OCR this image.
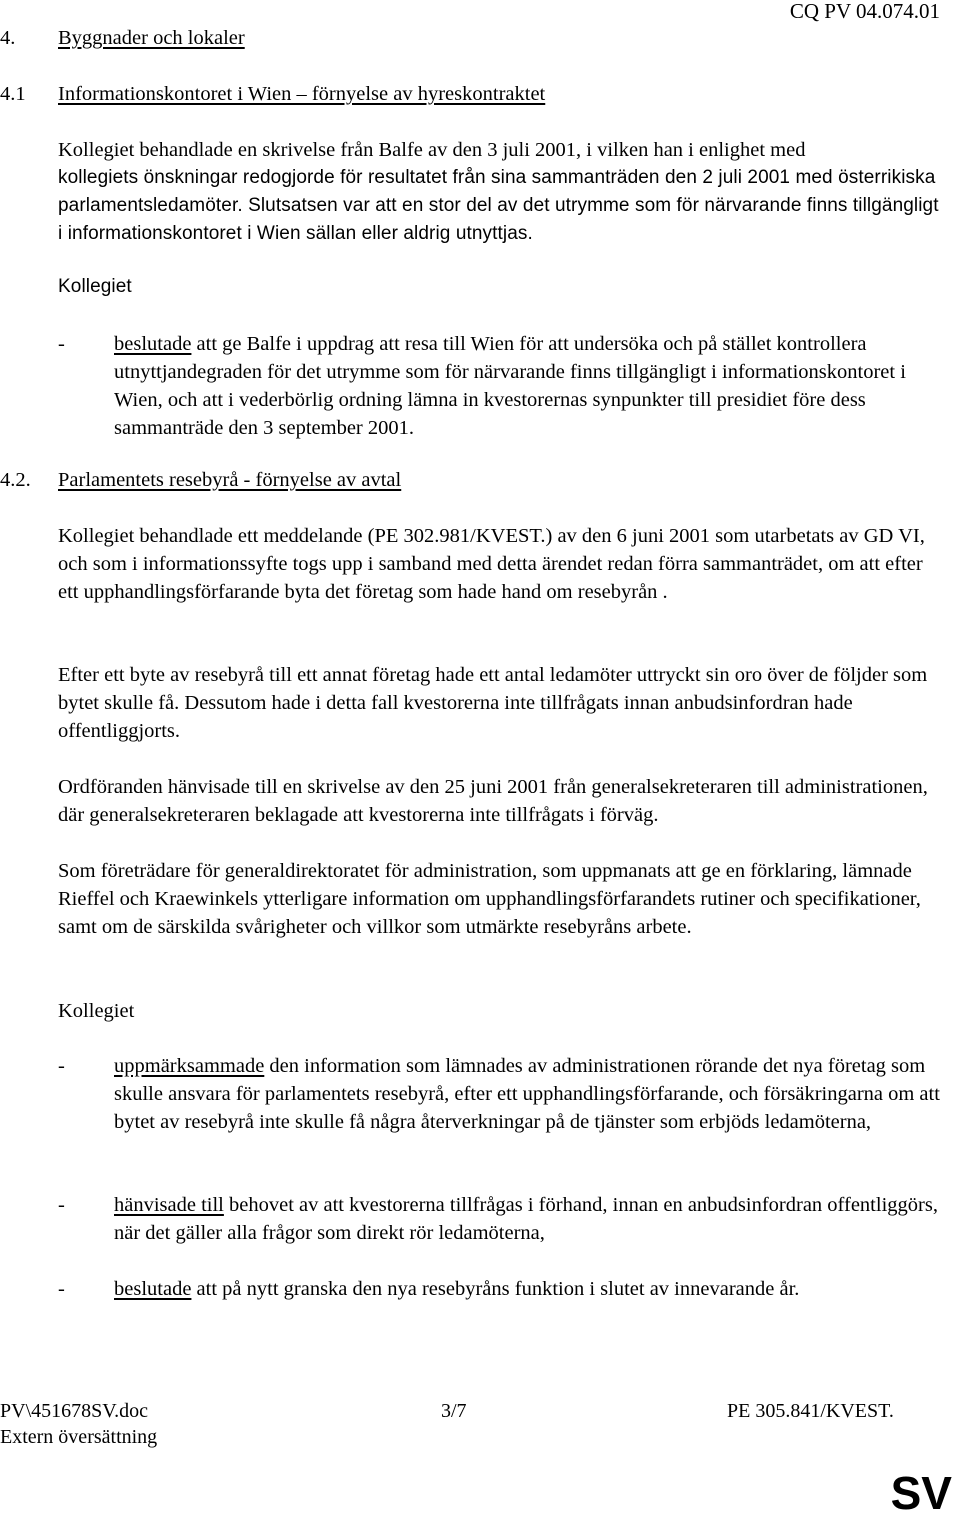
4. Byggnader och lokaler
CQ PV 04.074.01
4.1 Informationskontoret i Wien – förnyelse av hyreskontraktet
Kollegiet behandlade en skrivelse från Balfe av den 3 juli 2001, i vilken han i enlighet med

kollegiets önskningar redogjorde för resultatet från sina sammanträden den 2 juli 2001 med österrikiska parlamentsledamöter. Slutsatsen var att en stor del av det utrymme som för närvarande finns tillgängligt i informationskontoret i Wien sällan eller aldrig utnyttjas.

Kollegiet

- beslutade att ge Balfe i uppdrag att resa till Wien för att undersöka och på stället kontrollera utnyttjandegraden för det utrymme som för närvarande finns tillgängligt i informationskontoret i Wien, och att i vederbörlig ordning lämna in kvestorernas synpunkter till presidiet före dess sammanträde den 3 september 2001.

4.2. Parlamentets resebyrå - förnyelse av avtal

Kollegiet behandlade ett meddelande (PE 302.981/KVEST.) av den 6 juni 2001 som utarbetats av GD VI, och som i informationssyfte togs upp i samband med detta ärendet redan förra sammanträdet, om att efter ett upphandlingsförfarande byta det företag som hade hand om resebyrån .

Efter ett byte av resebyrå till ett annat företag hade ett antal ledamöter uttryckt sin oro över de följder som bytet skulle få. Dessutom hade i detta fall kvestorerna inte tillfrågats innan anbudsinfordran hade offentliggjorts.

Ordföranden hänvisade till en skrivelse av den 25 juni 2001 från generalsekreteraren till administrationen, där generalsekreteraren beklagade att kvestorerna inte tillfrågats i förväg.

Som företrädare för generaldirektoratet för administration, som uppmanats att ge en förklaring, lämnade Rieffel och Kraewinkels ytterligare information om upphandlingsförfarandets rutiner och specifikationer, samt om de särskilda svårigheter och villkor som utmärkte resebyråns arbete.

Kollegiet

- uppmärksammade den information som lämnades av administrationen rörande det nya företag som skulle ansvara för parlamentets resebyrå, efter ett upphandlingsförfarande, och försäkringarna om att bytet av resebyrå inte skulle få några återverkningar på de tjänster som erbjöds ledamöterna,

- hänvisade till behovet av att kvestorerna tillfrågas i förhand, innan en anbudsinfordran offentliggörs, när det gäller alla frågor som direkt rör ledamöterna,

- beslutade att på nytt granska den nya resebyråns funktion i slutet av innevarande år.

PV\451678SV.doc	3/7	PE 305.841/KVEST.
Extern översättning
SV
